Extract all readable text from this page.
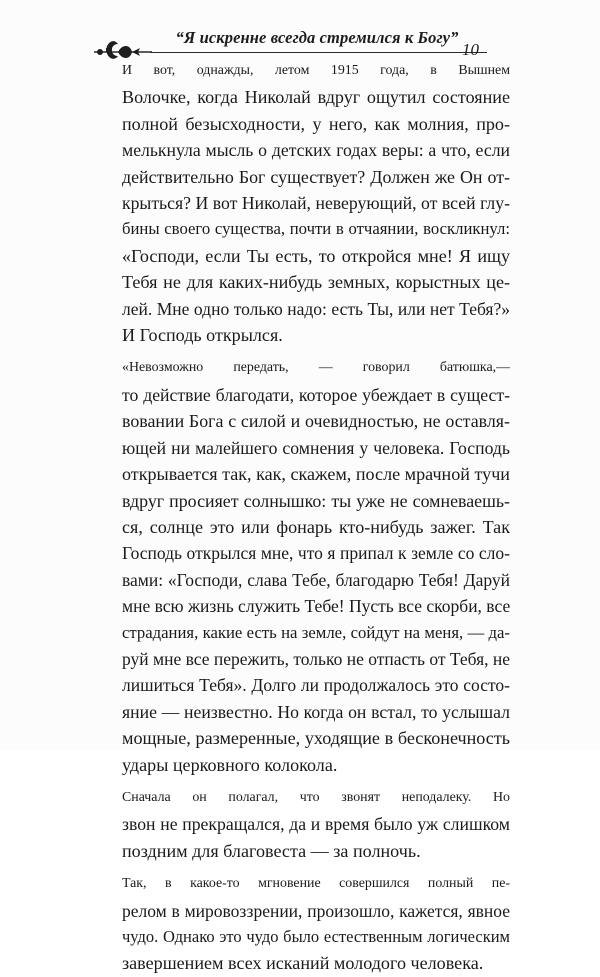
“Я искренне всегда стремился к Богу”
10

И вот, однажды, летом 1915 года, в Вышнем
Волочке, когда Николай вдруг ощутил состояние
полной безысходности, у него, как молния, про-
мелькнула мысль о детских годах веры: а что, если
действительно Бог существует? Должен же Он от-
крыться? И вот Николай, неверующий, от всей глу-
бины своего существа, почти в отчаянии, воскликнул:
«Господи, если Ты есть, то откройся мне! Я ищу
Тебя не для каких-нибудь земных, корыстных це-
лей. Мне одно только надо: есть Ты, или нет Тебя?»
И Господь открылся.

«Невозможно передать, — говорил батюшка,—
то действие благодати, которое убеждает в сущест-
вовании Бога с силой и очевидностью, не оставля-
ющей ни малейшего сомнения у человека. Господь
открывается так, как, скажем, после мрачной тучи
вдруг просияет солнышко: ты уже не сомневаешь-
ся, солнце это или фонарь кто-нибудь зажег. Так
Господь открылся мне, что я припал к земле со сло-
вами: «Господи, слава Тебе, благодарю Тебя! Даруй
мне всю жизнь служить Тебе! Пусть все скорби, все
страдания, какие есть на земле, сойдут на меня, — да-
руй мне все пережить, только не отпасть от Тебя, не
лишиться Тебя». Долго ли продолжалось это состо-
яние — неизвестно. Но когда он встал, то услышал
мощные, размеренные, уходящие в бесконечность
удары церковного колокола.

Сначала он полагал, что звонят неподалеку. Но
звон не прекращался, да и время было уж слишком
поздним для благовеста — за полночь.

Так, в какое-то мгновение совершился полный пе-
релом в мировоззрении, произошло, кажется, явное
чудо. Однако это чудо было естественным логическим
завершением всех исканий молодого человека.
